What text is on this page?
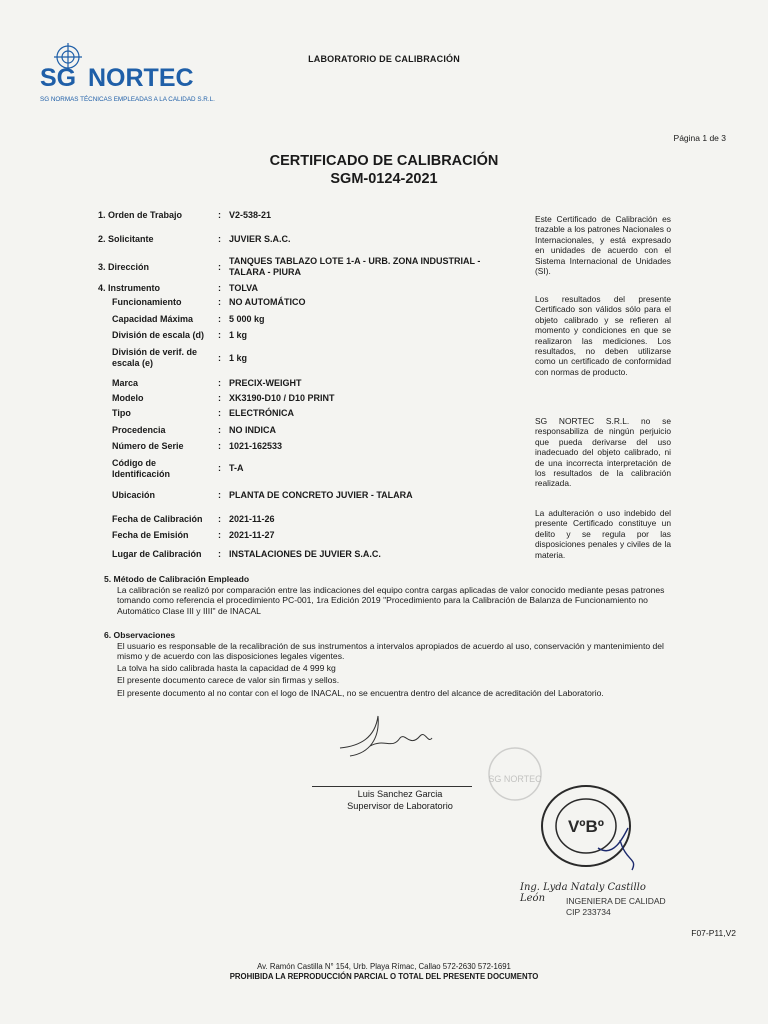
SG NORTEC
SG NORMAS TÉCNICAS EMPLEADAS A LA CALIDAD S.R.L.
LABORATORIO DE CALIBRACIÓN
Página 1 de 3
CERTIFICADO DE CALIBRACIÓN
SGM-0124-2021
1. Orden de Trabajo	: V2-538-21
2. Solicitante	: JUVIER S.A.C.
3. Dirección	:
TANQUES TABLAZO LOTE 1-A - URB. ZONA INDUSTRIAL - TALARA - PIURA
4. Instrumento	: TOLVA
Funcionamiento	: NO AUTOMÁTICO
Capacidad Máxima	: 5 000 kg
División de escala (d)	: 1 kg
División de verif. de escala (e)	: 1 kg
Marca	: PRECIX-WEIGHT
Modelo	: XK3190-D10 / D10 PRINT
Tipo	: ELECTRÓNICA
Procedencia	: NO INDICA
Número de Serie	: 1021-162533
Código de Identificación
: T-A
Ubicación	: PLANTA DE CONCRETO JUVIER - TALARA
Fecha de Calibración	: 2021-11-26
Fecha de Emisión	: 2021-11-27
Lugar de Calibración	: INSTALACIONES DE JUVIER S.A.C.
Este Certificado de Calibración es trazable a los patrones Nacionales o Internacionales, y está expresado en unidades de acuerdo con el Sistema Internacional de Unidades (SI).
Los resultados del presente Certificado son válidos sólo para el objeto calibrado y se refieren al momento y condiciones en que se realizaron las mediciones. Los resultados, no deben utilizarse como un certificado de conformidad con normas de producto.
SG NORTEC S.R.L. no se responsabiliza de ningún perjuicio que pueda derivarse del uso inadecuado del objeto calibrado, ni de una incorrecta interpretación de los resultados de la calibración realizada.
La adulteración o uso indebido del presente Certificado constituye un delito y se regula por las disposiciones penales y civiles de la materia.
5. Método de Calibración Empleado
La calibración se realizó por comparación entre las indicaciones del equipo contra cargas aplicadas de valor conocido mediante pesas patrones tomando como referencia el procedimiento PC-001, 1ra Edición 2019 "Procedimiento para la Calibración de Balanza de Funcionamiento no Automático Clase III y IIII" de INACAL
6. Observaciones
El usuario es responsable de la recalibración de sus instrumentos a intervalos apropiados de acuerdo al uso, conservación y mantenimiento del mismo y de acuerdo con las disposiciones legales vigentes.
La tolva ha sido calibrada hasta la capacidad de 4 999 kg
El presente documento carece de valor sin firmas y sellos.
El presente documento al no contar con el logo de INACAL, no se encuentra dentro del alcance de acreditación del Laboratorio.
SG NORTEC
Luis Sanchez Garcia
Supervisor de Laboratorio
VºBº
Ing. Lyda Nataly Castillo León	INGENIERA DE CALIDAD
CIP 233734
F07-P11,V2
Av. Ramón Castilla N° 154, Urb. Playa Rímac, Callao 572-2630 572-1691
PROHIBIDA LA REPRODUCCIÓN PARCIAL O TOTAL DEL PRESENTE DOCUMENTO
